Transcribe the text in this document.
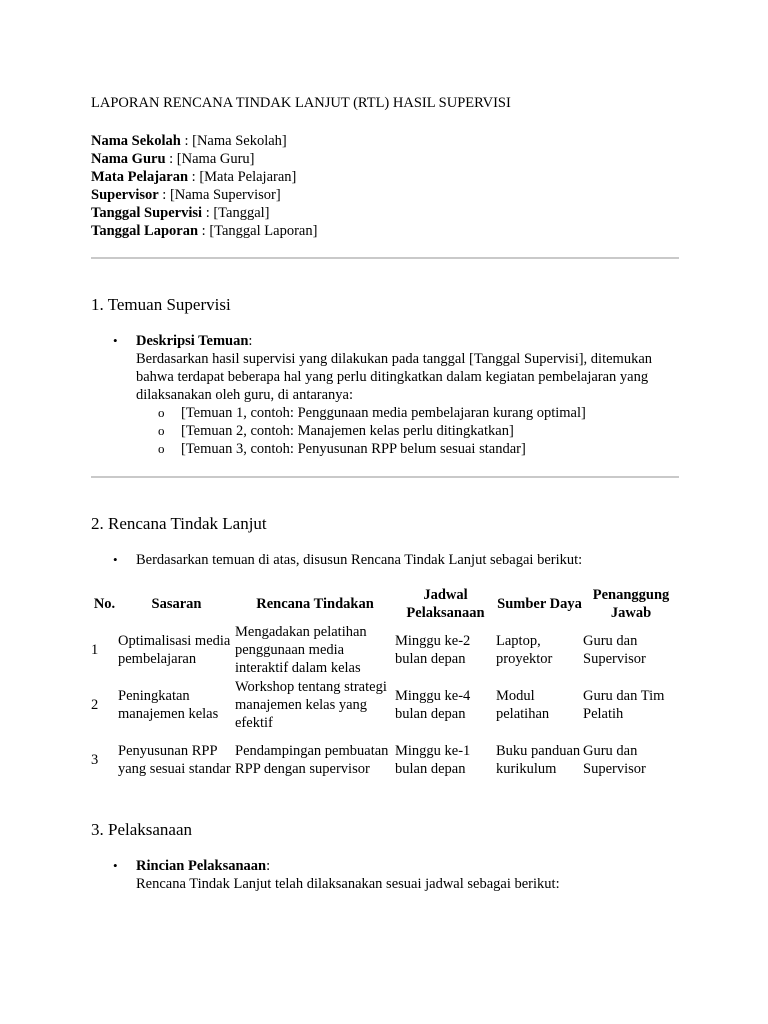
LAPORAN RENCANA TINDAK LANJUT (RTL) HASIL SUPERVISI
Nama Sekolah : [Nama Sekolah]
Nama Guru : [Nama Guru]
Mata Pelajaran : [Mata Pelajaran]
Supervisor : [Nama Supervisor]
Tanggal Supervisi : [Tanggal]
Tanggal Laporan : [Tanggal Laporan]
1. Temuan Supervisi
• Deskripsi Temuan:
Berdasarkan hasil supervisi yang dilakukan pada tanggal [Tanggal Supervisi], ditemukan bahwa terdapat beberapa hal yang perlu ditingkatkan dalam kegiatan pembelajaran yang dilaksanakan oleh guru, di antaranya:
o [Temuan 1, contoh: Penggunaan media pembelajaran kurang optimal]
o [Temuan 2, contoh: Manajemen kelas perlu ditingkatkan]
o [Temuan 3, contoh: Penyusunan RPP belum sesuai standar]
2. Rencana Tindak Lanjut
• Berdasarkan temuan di atas, disusun Rencana Tindak Lanjut sebagai berikut:
No.	Sasaran	Rencana Tindakan	Jadwal Pelaksanaan	Sumber Daya	Penanggung Jawab
1	Optimalisasi media pembelajaran	Mengadakan pelatihan penggunaan media interaktif dalam kelas	Minggu ke-2 bulan depan	Laptop, proyektor	Guru dan Supervisor
2	Peningkatan manajemen kelas	Workshop tentang strategi manajemen kelas yang efektif	Minggu ke-4 bulan depan	Modul pelatihan	Guru dan Tim Pelatih
3	Penyusunan RPP yang sesuai standar	Pendampingan pembuatan RPP dengan supervisor	Minggu ke-1 bulan depan	Buku panduan kurikulum	Guru dan Supervisor
3. Pelaksanaan
• Rincian Pelaksanaan:
Rencana Tindak Lanjut telah dilaksanakan sesuai jadwal sebagai berikut:
